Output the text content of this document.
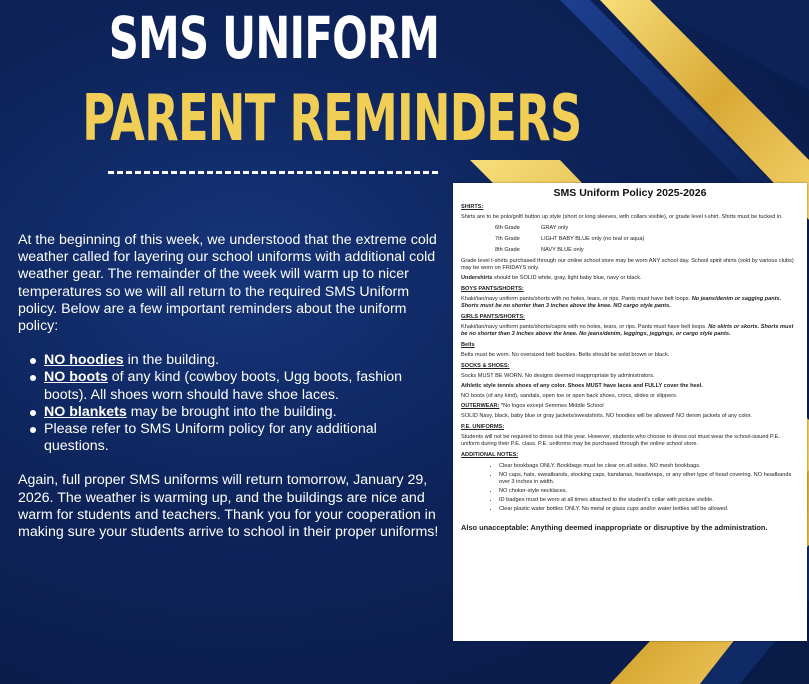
SMS UNIFORM
PARENT REMINDERS

At the beginning of this week, we understood that the extreme cold weather called for layering our school uniforms with additional cold weather gear. The remainder of the week will warm up to nicer temperatures so we will all return to the required SMS Uniform policy. Below are a few important reminders about the uniform policy:

NO hoodies in the building.
NO boots of any kind (cowboy boots, Ugg boots, fashion boots). All shoes worn should have shoe laces.
NO blankets may be brought into the building.
Please refer to SMS Uniform policy for any additional questions.

Again, full proper SMS uniforms will return tomorrow, January 29, 2026. The weather is warming up, and the buildings are nice and warm for students and teachers. Thank you for your cooperation in making sure your students arrive to school in their proper uniforms!

SMS Uniform Policy 2025-2026
SHIRTS:
Shirts are to be polo/golf/ button up style (short or long sleeves, with collars visible), or grade level t-shirt. Shirts must be tucked in.
6th Grade	GRAY only
7th Grade	LIGHT BABY BLUE only (no teal or aqua)
8th Grade	NAVY BLUE only
Grade level t-shirts purchased through our online school store may be worn ANY school day. School spirit shirts (sold by various clubs) may be worn on FRIDAYS only.
Undershirts should be SOLID white, gray, light baby blue, navy or black.
BOYS PANTS/SHORTS:
Khaki/tan/navy uniform pants/shorts with no holes, tears, or rips. Pants must have belt loops. No jeans/denim or sagging pants. Shorts must be no shorter than 3 inches above the knee. NO cargo style pants.
GIRLS PANTS/SHORTS:
Khaki/tan/navy uniform pants/shorts/capris with no holes, tears, or rips. Pants must have belt loops. No skirts or skorts. Shorts must be no shorter than 3 inches above the knee. No jeans/denim, leggings, jeggings, or cargo style pants.
Belts
Belts must be worn. No oversized belt buckles. Belts should be solid brown or black.
SOCKS & SHOES:
Socks MUST BE WORN. No designs deemed inappropriate by administrators.
Athletic style tennis shoes of any color. Shoes MUST have laces and FULLY cover the heel.
NO boots (of any kind), sandals, open toe or open back shoes, crocs, slides or slippers.
OUTERWEAR: *No logos except Semmes Middle School
SOLID Navy, black, baby blue or gray jackets/sweatshirts. NO hoodies will be allowed! NO denim jackets of any color.
P.E. UNIFORMS:
Students will not be required to dress out this year. However, students who choose to dress out must wear the school-issued P.E. uniform during their P.E. class. P.E. uniforms may be purchased through the online school store.
ADDITIONAL NOTES:
• Clear bookbags ONLY. Bookbags must be clear on all sides. NO mesh bookbags.
• NO caps, hats, sweatbands, stocking caps, bandanas, headwraps, or any other type of head covering. NO headbands over 3 inches in width.
• NO choker-style necklaces.
• ID badges must be worn at all times attached to the student's collar with picture visible.
• Clear plastic water bottles ONLY. No metal or glass cups and/or water bottles will be allowed.
Also unacceptable: Anything deemed inappropriate or disruptive by the administration.
